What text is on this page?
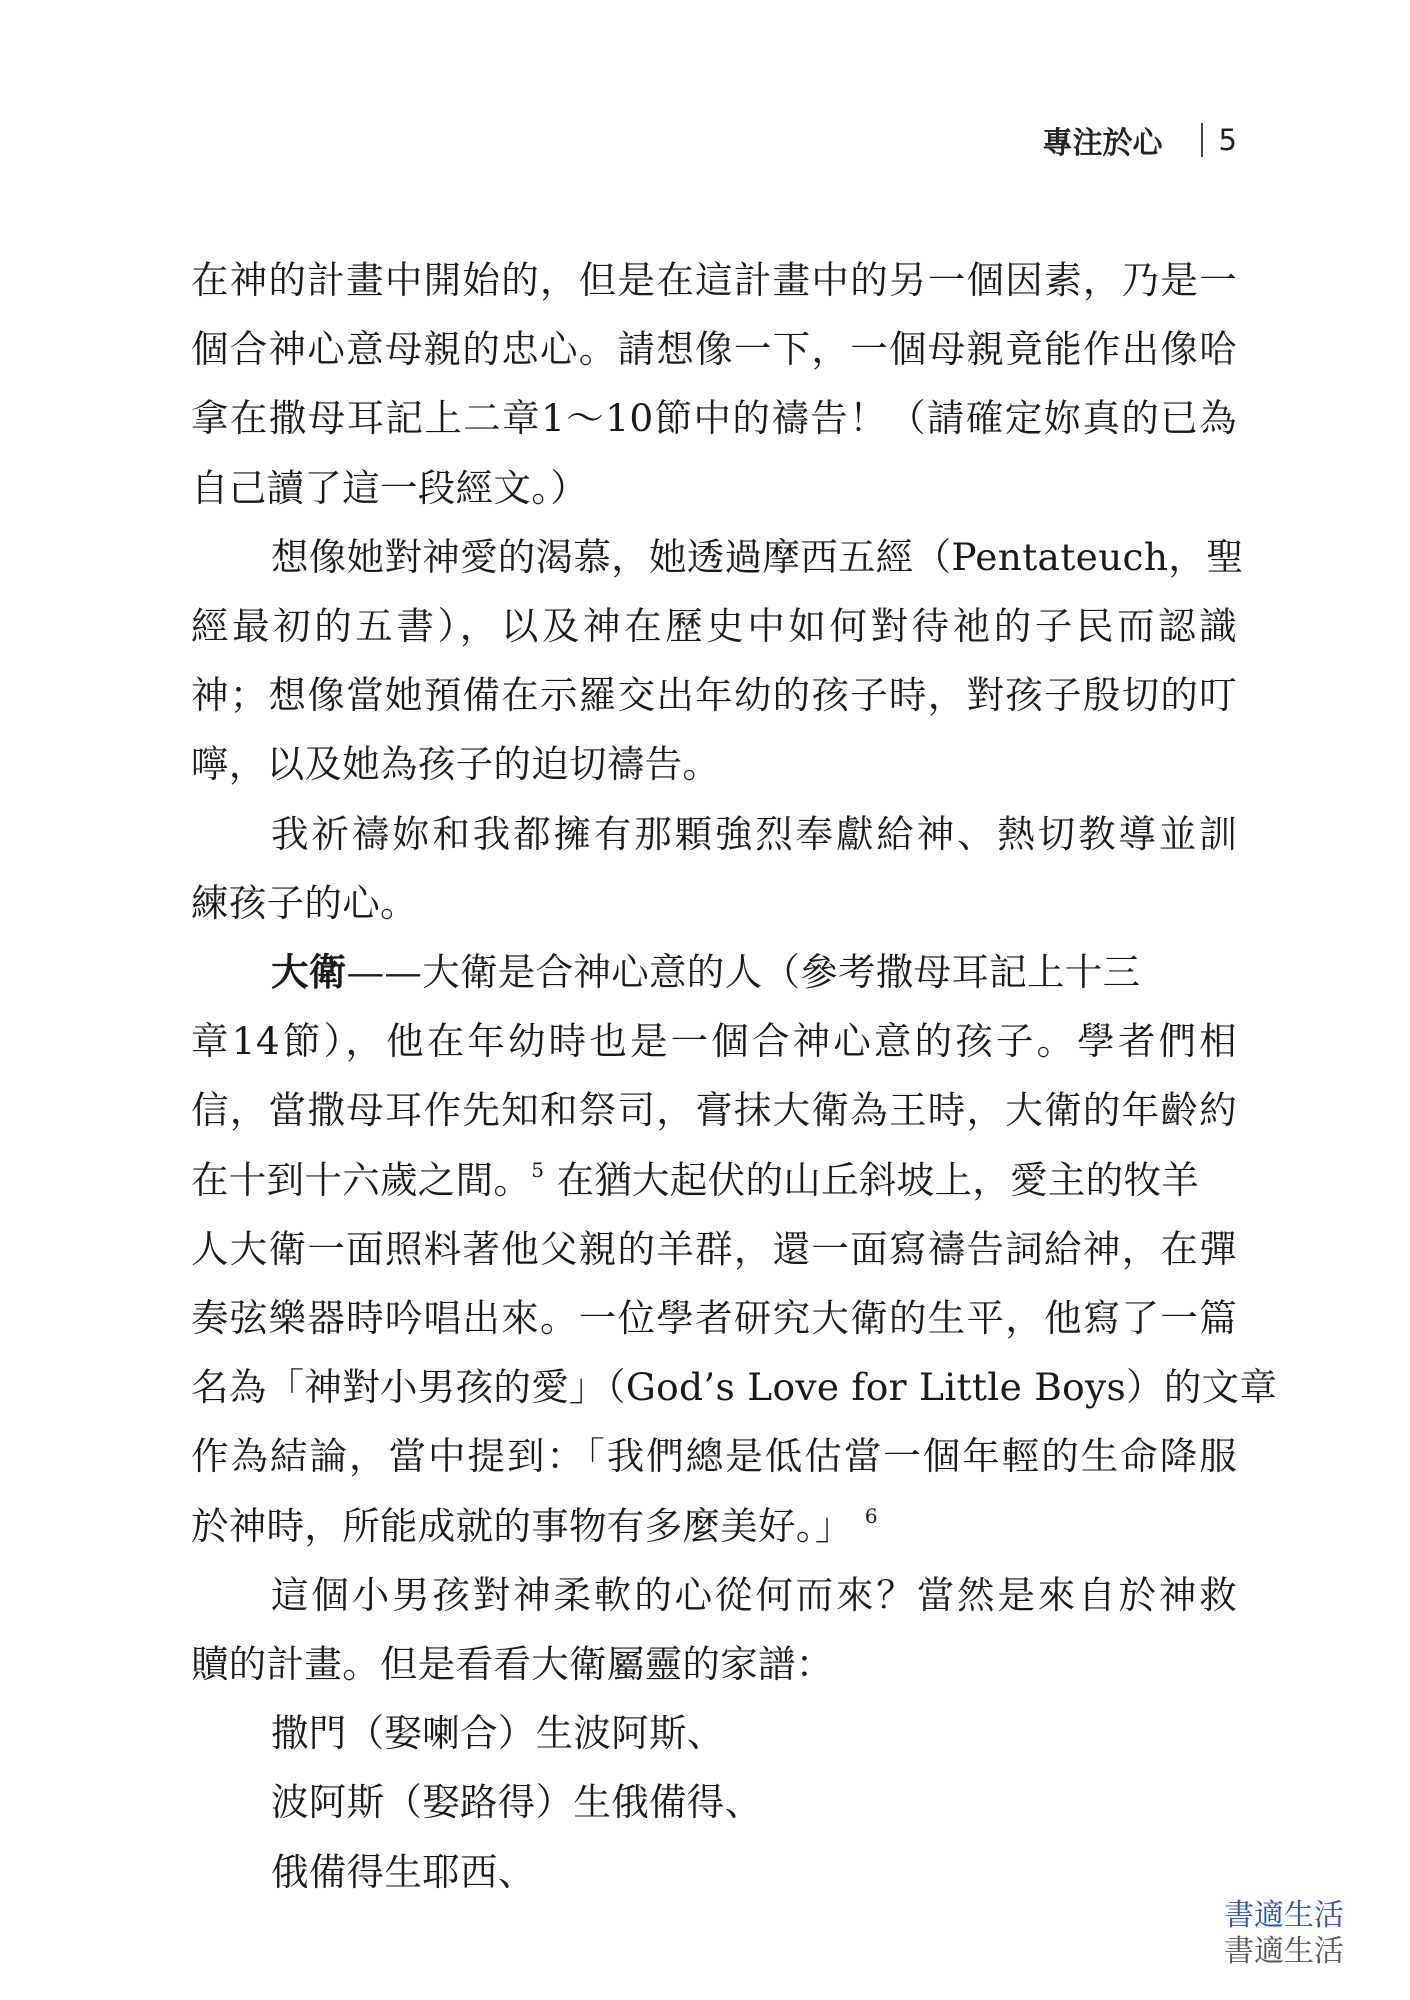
專注於心 5

在神的計畫中開始的，但是在這計畫中的另一個因素，乃是一
個合神心意母親的忠心。請想像一下，一個母親竟能作出像哈
拿在撒母耳記上二章1～10節中的禱告！（請確定妳真的已為
自己讀了這一段經文。）

想像她對神愛的渴慕，她透過摩西五經（Pentateuch，聖
經最初的五書），以及神在歷史中如何對待祂的子民而認識
神；想像當她預備在示羅交出年幼的孩子時，對孩子殷切的叮
嚀，以及她為孩子的迫切禱告。

我祈禱妳和我都擁有那顆強烈奉獻給神、熱切教導並訓
練孩子的心。

大衛——大衛是合神心意的人（參考撒母耳記上十三
章14節），他在年幼時也是一個合神心意的孩子。學者們相
信，當撒母耳作先知和祭司，膏抹大衛為王時，大衛的年齡約
在十到十六歲之間。$^5$ 在猶大起伏的山丘斜坡上，愛主的牧羊
人大衛一面照料著他父親的羊群，還一面寫禱告詞給神，在彈
奏弦樂器時吟唱出來。一位學者研究大衛的生平，他寫了一篇
名為「神對小男孩的愛」（God’s Love for Little Boys）的文章
作為結論，當中提到：「我們總是低估當一個年輕的生命降服
於神時，所能成就的事物有多麼美好。」 $^6$

這個小男孩對神柔軟的心從何而來？當然是來自於神救
贖的計畫。但是看看大衛屬靈的家譜：

撒門（娶喇合）生波阿斯、
波阿斯（娶路得）生俄備得、
俄備得生耶西、

書適生活
書適生活
